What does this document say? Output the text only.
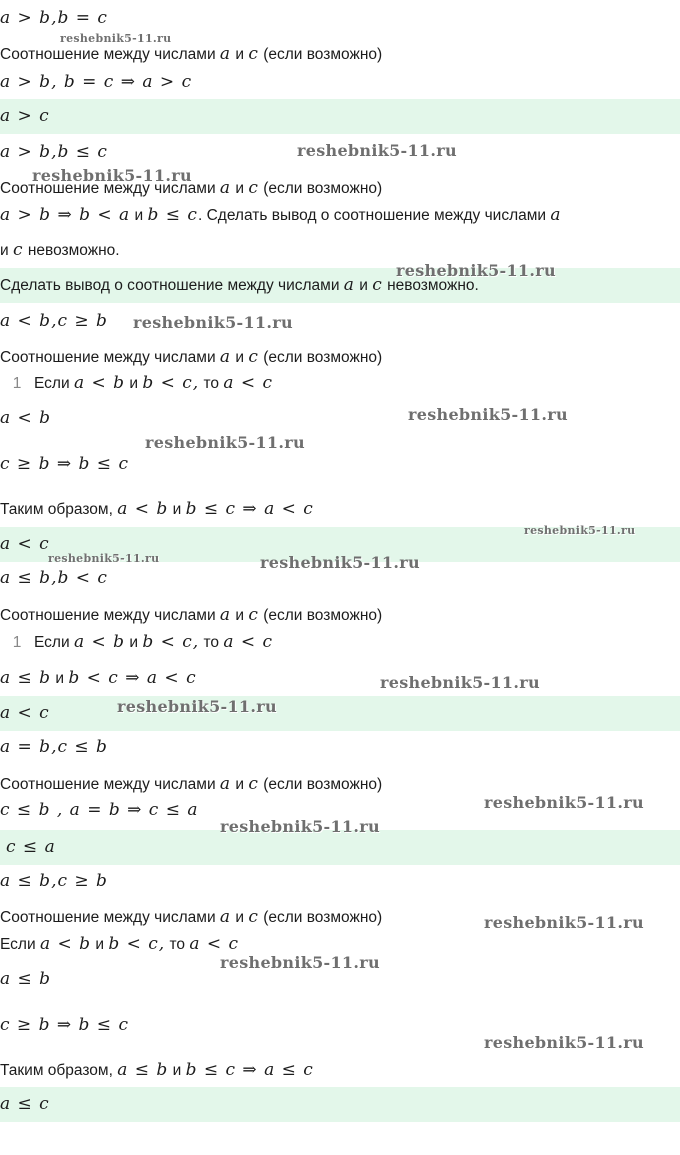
a > b,b = c
Соотношение между числами a и c (если возможно)
a > b, b = c ⇒ a > c
a > c
a > b,b ≤ c
Соотношение между числами a и c (если возможно)
a > b ⇒ b < a и b ≤ c. Сделать вывод о соотношение между числами a
и c невозможно.
Сделать вывод о соотношение между числами a и c невозможно.
a < b,c ≥ b
Соотношение между числами a и c (если возможно)
1 Если a < b и b < c, то a < c
a < b
c ≥ b ⇒ b ≤ c
Таким образом, a < b и b ≤ c ⇒ a < c
a < c
a ≤ b,b < c
Соотношение между числами a и c (если возможно)
1 Если a < b и b < c, то a < c
a ≤ b и b < c ⇒ a < c
a < c
a = b,c ≤ b
Соотношение между числами a и c (если возможно)
c ≤ b , a = b ⇒ c ≤ a
c ≤ a
a ≤ b,c ≥ b
Соотношение между числами a и c (если возможно)
Если a < b и b < c, то a < c
a ≤ b
c ≥ b ⇒ b ≤ c
Таким образом, a ≤ b и b ≤ c ⇒ a ≤ c
a ≤ c
reshebnik5-11.ru
reshebnik5-11.ru
reshebnik5-11.ru
reshebnik5-11.ru
reshebnik5-11.ru
reshebnik5-11.ru
reshebnik5-11.ru
reshebnik5-11.ru
reshebnik5-11.ru	reshebnik5-11.ru
reshebnik5-11.ru
reshebnik5-11.ru
reshebnik5-11.ru
reshebnik5-11.ru
reshebnik5-11.ru
reshebnik5-11.ru
reshebnik5-11.ru
